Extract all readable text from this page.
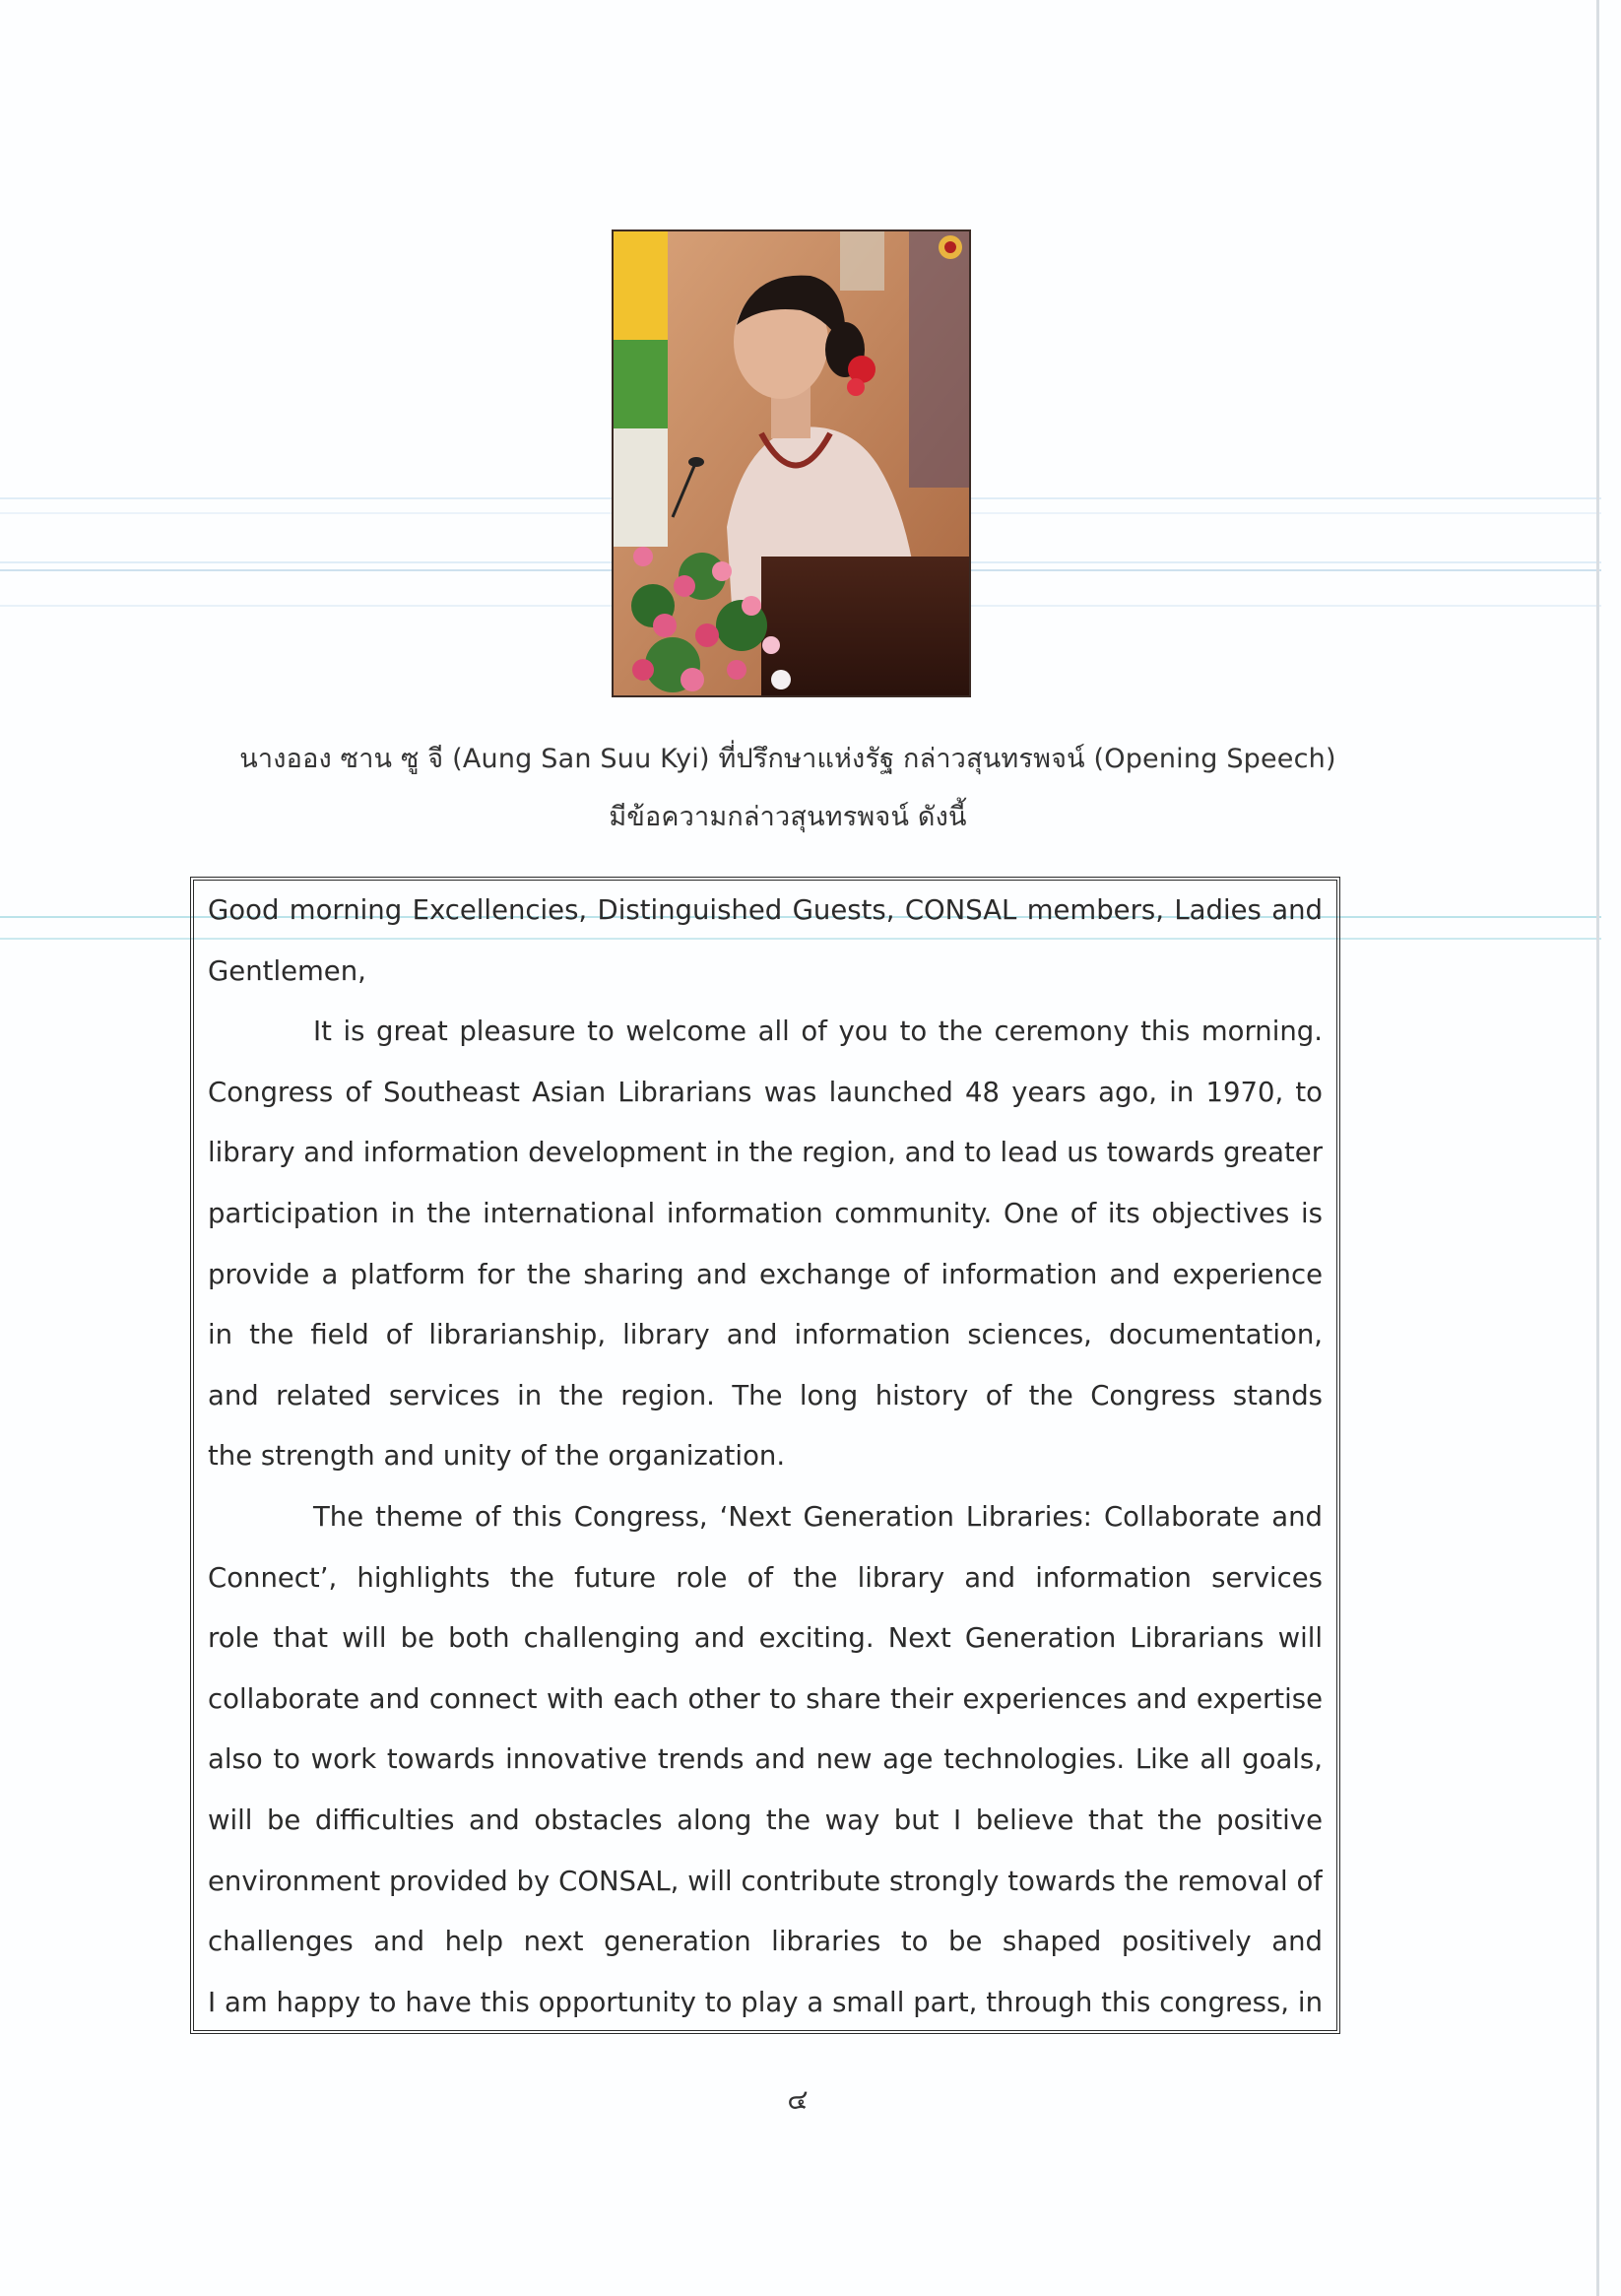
นางออง ซาน ซู จี (Aung San Suu Kyi) ที่ปรึกษาแห่งรัฐ กล่าวสุนทรพจน์ (Opening Speech)
มีข้อความกล่าวสุนทรพจน์ ดังนี้
Good morning Excellencies, Distinguished Guests, CONSAL members, Ladies and
Gentlemen,
It is great pleasure to welcome all of you to the ceremony this morning.
Congress of Southeast Asian Librarians was launched 48 years ago, in 1970, to
library and information development in the region, and to lead us towards greater
participation in the international information community. One of its objectives is
provide a platform for the sharing and exchange of information and experience
in the field of librarianship, library and information sciences, documentation,
and related services in the region. The long history of the Congress stands
the strength and unity of the organization.
The theme of this Congress, ‘Next Generation Libraries: Collaborate and
Connect’, highlights the future role of the library and information services
role that will be both challenging and exciting. Next Generation Librarians will
collaborate and connect with each other to share their experiences and expertise
also to work towards innovative trends and new age technologies. Like all goals,
will be difficulties and obstacles along the way but I believe that the positive
environment provided by CONSAL, will contribute strongly towards the removal of
challenges and help next generation libraries to be shaped positively and
I am happy to have this opportunity to play a small part, through this congress, in
๔
